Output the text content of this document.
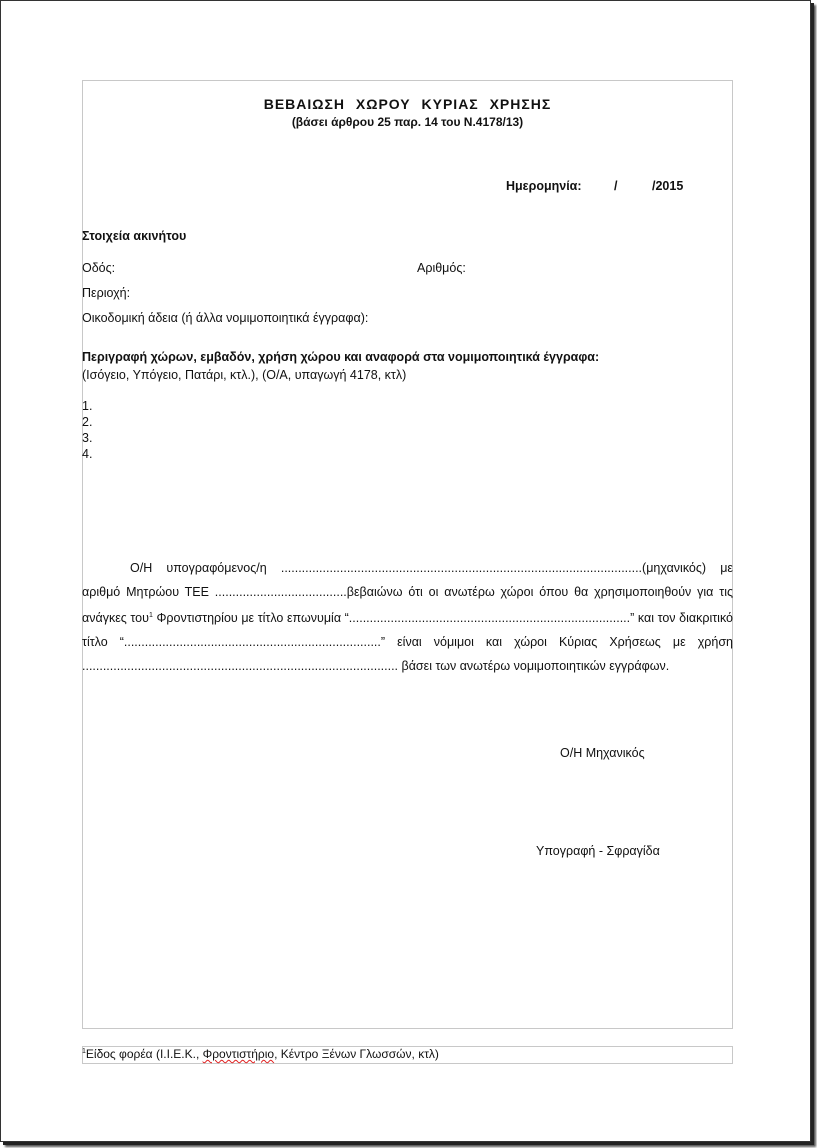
ΒΕΒΑΙΩΣΗ ΧΩΡΟΥ ΚΥΡΙΑΣ ΧΡΗΣΗΣ
(βάσει άρθρου 25 παρ. 14 του Ν.4178/13)
Ημερομηνία:	/	/2015
Στοιχεία ακινήτου
Οδός:	Αριθμός:
Περιοχή:
Οικοδομική άδεια (ή άλλα νομιμοποιητικά έγγραφα):
Περιγραφή χώρων, εμβαδόν, χρήση χώρου και αναφορά στα νομιμοποιητικά έγγραφα:
(Ισόγειο, Υπόγειο, Πατάρι, κτλ.), (Ο/Α, υπαγωγή 4178, κτλ)
1.
2.
3.
4.
Ο/Η υπογραφόμενος/η ........................................................................................................(μηχανικός) με αριθμό Μητρώου ΤΕΕ ......................................βεβαιώνω ότι οι ανωτέρω χώροι όπου θα χρησιμοποιηθούν για τις ανάγκες του$^1$ Φροντιστηρίου με τίτλο επωνυμία “.................................................................................” και τον διακριτικό τίτλο “..........................................................................” είναι νόμιμοι και χώροι Κύριας Χρήσεως με χρήση ........................................................................................... βάσει των ανωτέρω νομιμοποιητικών εγγράφων.
Ο/Η Μηχανικός
Υπογραφή - Σφραγίδα
$^1$Είδος φορέα (Ι.Ι.Ε.Κ., Φροντιστήριο, Κέντρο Ξένων Γλωσσών, κτλ)
